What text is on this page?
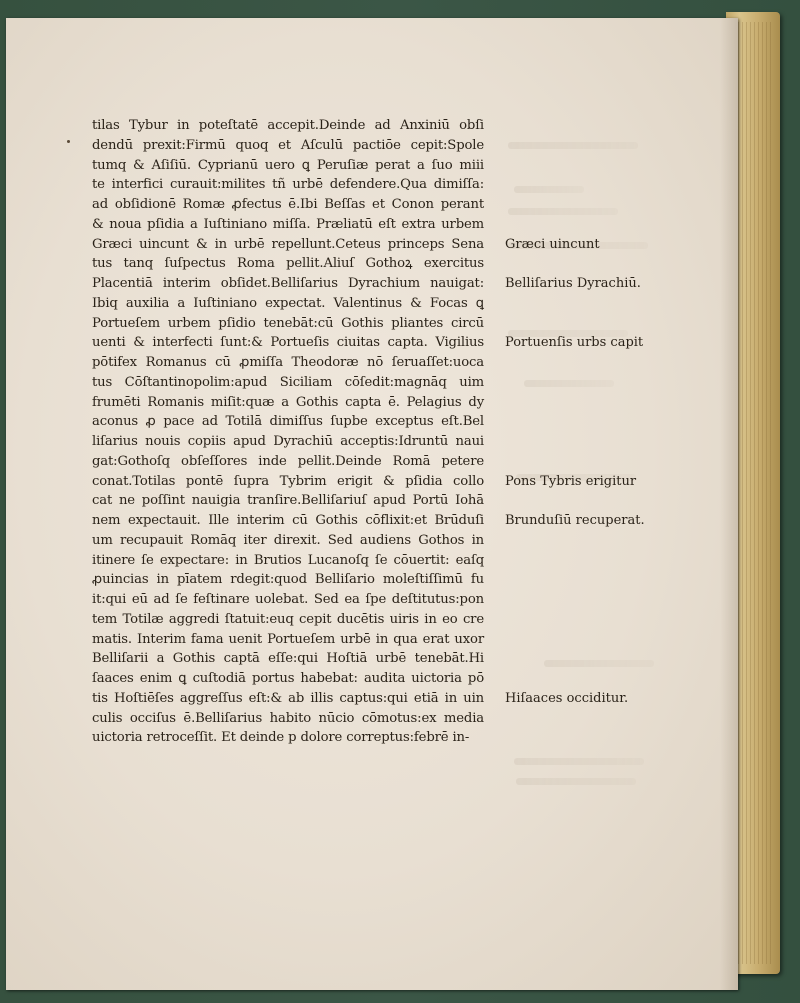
tilas Tybur in poteſtatē accepit.Deinde ad Anxiniū obſi
dendū prexit:Firmū quoq et Aſculū pactiōe cepit:Spole
tumq & Aſiſiū. Cyprianū uero ꝗ Peruſiæ perat a ſuo miii
te interfici curauit:milites tñ urbē defendere.Qua dimiſſa:
ad obſidionē Romæ ꝓfectus ē.Ibi Beſſas et Conon perant
& noua pſidia a Iuſtiniano miſſa. Præliatū eſt extra urbem
Græci uincunt & in urbē repellunt.Ceteus princeps Sena
tus tanq ſuſpectus Roma pellit.Aliuſ Gothoꝝ exercitus
Placentiā interim obſidet.Belliſarius Dyrachium nauigat:
Ibiq auxilia a Iuſtiniano expectat. Valentinus & Focas ꝗ
Portueſem urbem pſidio tenebāt:cū Gothis pliantes circū
uenti & interfecti ſunt:& Portueſis ciuitas capta. Vigilius
pōtifex Romanus cū ꝓmiſſa Theodoræ nō ſeruaſſet:uoca
tus Cōſtantinopolim:apud Siciliam cōſedit:magnāq uim
frumēti Romanis miſit:quæ a Gothis capta ē. Pelagius dy
aconus ꝓ pace ad Totilā dimiſſus ſupbe exceptus eſt.Bel
liſarius nouis copiis apud Dyrachiū acceptis:Idruntū naui
gat:Gothoſq obſeſſores inde pellit.Deinde Romā petere
conat.Totilas pontē ſupra Tybrim erigit & pſidia collo
cat ne poſſint nauigia tranſire.Belliſariuſ apud Portū Iohā
nem expectauit. Ille interim cū Gothis cōflixit:et Brūduſi
um recupauit Romāq iter direxit. Sed audiens Gothos in
itinere ſe expectare: in Brutios Lucanoſq ſe cōuertit: eaſq
ꝓuincias in pīatem rdegit:quod Belliſario moleſtiſſimū fu
it:qui eū ad ſe feſtinare uolebat. Sed ea ſpe deſtitutus:pon
tem Totilæ aggredi ſtatuit:euq cepit ducētis uiris in eo cre
matis. Interim fama uenit Portueſem urbē in qua erat uxor
Belliſarii a Gothis captā eſſe:qui Hoſtiā urbē tenebāt.Hi
ſaaces enim ꝗ cuſtodiā portus habebat: audita uictoria pō
tis Hoſtiēſes aggreſſus eſt:& ab illis captus:qui etiā in uin
culis occiſus ē.Belliſarius habito nūcio cōmotus:ex media
uictoria retroceſſit. Et deinde p dolore correptus:febrē in-
Græci uincunt
Belliſarius Dyrachiū.
Portuenſis urbs capit
Pons Tybris erigitur
Brunduſiū recuperat.
Hiſaaces occiditur.
